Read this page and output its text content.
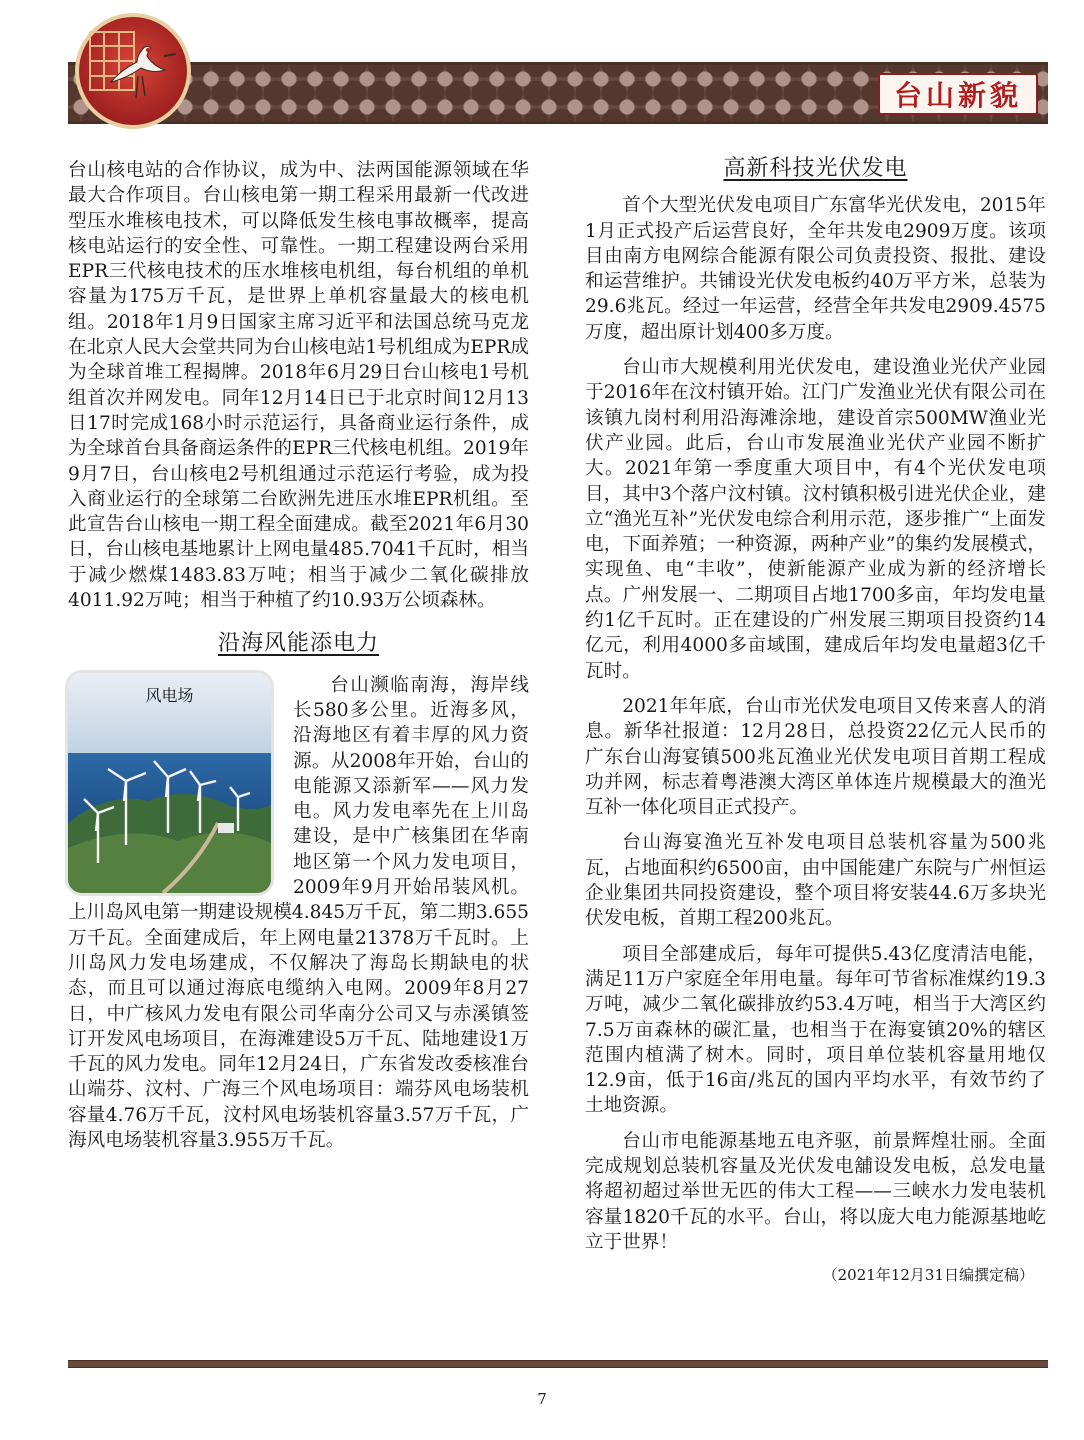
台山新貌

台山核电站的合作协议，成为中、法两国能源领域在华最大合作项目。台山核电第一期工程采用最新一代改进型压水堆核电技术，可以降低发生核电事故概率，提高核电站运行的安全性、可靠性。一期工程建设两台采用EPR三代核电技术的压水堆核电机组，每台机组的单机容量为175万千瓦，是世界上单机容量最大的核电机组。2018年1月9日国家主席习近平和法国总统马克龙在北京人民大会堂共同为台山核电站1号机组成为EPR成为全球首堆工程揭牌。2018年6月29日台山核电1号机组首次并网发电。同年12月14日已于北京时间12月13日17时完成168小时示范运行，具备商业运行条件，成为全球首台具备商运条件的EPR三代核电机组。2019年9月7日，台山核电2号机组通过示范运行考验，成为投入商业运行的全球第二台欧洲先进压水堆EPR机组。至此宣告台山核电一期工程全面建成。截至2021年6月30日，台山核电基地累计上网电量485.7041千瓦时，相当于减少燃煤1483.83万吨；相当于减少二氧化碳排放4011.92万吨；相当于种植了约10.93万公顷森林。

沿海风能添电力
风电场	台山濒临南海，海岸线长580多公里。近海多风，沿海地区有着丰厚的风力资源。从2008年开始，台山的电能源又添新军——风力发电。风力发电率先在上川岛建设，是中广核集团在华南地区第一个风力发电项目，2009年9月开始吊装风机。上川岛风电第一期建设规模4.845万千瓦，第二期3.655万千瓦。全面建成后，年上网电量21378万千瓦时。上川岛风力发电场建成，不仅解决了海岛长期缺电的状态，而且可以通过海底电缆纳入电网。2009年8月27日，中广核风力发电有限公司华南分公司又与赤溪镇签订开发风电场项目，在海滩建设5万千瓦、陆地建设1万千瓦的风力发电。同年12月24日，广东省发改委核准台山端芬、汶村、广海三个风电场项目：端芬风电场装机容量4.76万千瓦，汶村风电场装机容量3.57万千瓦，广海风电场装机容量3.955万千瓦。

高新科技光伏发电

首个大型光伏发电项目广东富华光伏发电，2015年1月正式投产后运营良好，全年共发电2909万度。该项目由南方电网综合能源有限公司负责投资、报批、建设和运营维护。共铺设光伏发电板约40万平方米，总装为29.6兆瓦。经过一年运营，经营全年共发电2909.4575万度，超出原计划400多万度。

台山市大规模利用光伏发电，建设渔业光伏产业园于2016年在汶村镇开始。江门广发渔业光伏有限公司在该镇九岗村利用沿海滩涂地，建设首宗500MW渔业光伏产业园。此后，台山市发展渔业光伏产业园不断扩大。2021年第一季度重大项目中，有4个光伏发电项目，其中3个落户汶村镇。汶村镇积极引进光伏企业，建立“渔光互补”光伏发电综合利用示范，逐步推广“上面发电，下面养殖；一种资源，两种产业”的集约发展模式，实现鱼、电“丰收”，使新能源产业成为新的经济增长点。广州发展一、二期项目占地1700多亩，年均发电量约1亿千瓦时。正在建设的广州发展三期项目投资约14亿元，利用4000多亩域围，建成后年均发电量超3亿千瓦时。

2021年年底，台山市光伏发电项目又传来喜人的消息。新华社报道：12月28日，总投资22亿元人民币的广东台山海宴镇500兆瓦渔业光伏发电项目首期工程成功并网，标志着粤港澳大湾区单体连片规模最大的渔光互补一体化项目正式投产。

台山海宴渔光互补发电项目总装机容量为500兆瓦，占地面积约6500亩，由中国能建广东院与广州恒运企业集团共同投资建设，整个项目将安装44.6万多块光伏发电板，首期工程200兆瓦。

项目全部建成后，每年可提供5.43亿度清洁电能，满足11万户家庭全年用电量。每年可节省标准煤约19.3万吨，减少二氧化碳排放约53.4万吨，相当于大湾区约7.5万亩森林的碳汇量，也相当于在海宴镇20%的辖区范围内植满了树木。同时，项目单位装机容量用地仅12.9亩，低于16亩/兆瓦的国内平均水平，有效节约了土地资源。

台山市电能源基地五电齐驱，前景辉煌壮丽。全面完成规划总装机容量及光伏发电舖设发电板，总发电量将超初超过举世无匹的伟大工程——三峡水力发电装机容量1820千瓦的水平。台山，将以庞大电力能源基地屹立于世界！

（2021年12月31日编撰定稿）

7
